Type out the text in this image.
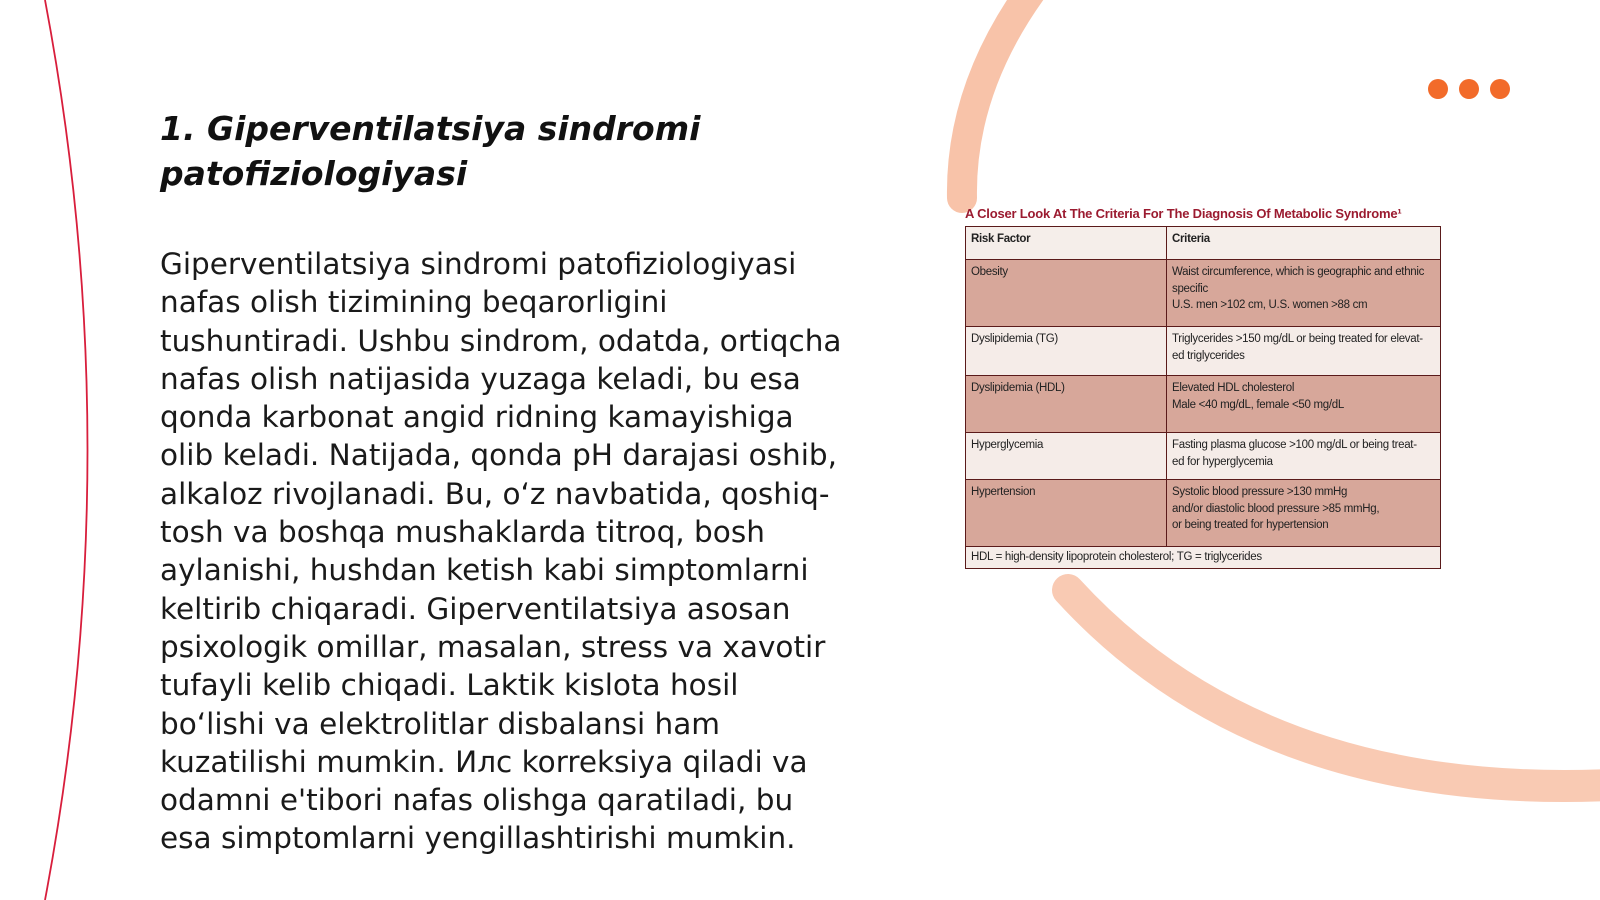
1. Giperventilatsiya sindromi patofiziologiyasi

Giperventilatsiya sindromi patofiziologiyasi nafas olish tizimining beqarorligini tushuntiradi. Ushbu sindrom, odatda, ortiqcha nafas olish natijasida yuzaga keladi, bu esa qonda karbonat angid ridning kamayishiga olib keladi. Natijada, qonda pH darajasi oshib, alkaloz rivojlanadi. Bu, o‘z navbatida, qoshiq-tosh va boshqa mushaklarda titroq, bosh aylanishi, hushdan ketish kabi simptomlarni keltirib chiqaradi. Giperventilatsiya asosan psixologik omillar, masalan, stress va xavotir tufayli kelib chiqadi. Laktik kislota hosil bo‘lishi va elektrolitlar disbalansi ham kuzatilishi mumkin. Илс korreksiya qiladi va odamni e'tibori nafas olishga qaratiladi, bu esa simptomlarni yengillashtirishi mumkin.

A Closer Look At The Criteria For The Diagnosis Of Metabolic Syndrome¹
Risk Factor	Criteria
Obesity	Waist circumference, which is geographic and ethnic specific
U.S. men >102 cm, U.S. women >88 cm
Dyslipidemia (TG)	Triglycerides >150 mg/dL or being treated for elevat-
ed triglycerides
Dyslipidemia (HDL)	Elevated HDL cholesterol
Male <40 mg/dL, female <50 mg/dL
Hyperglycemia	Fasting plasma glucose >100 mg/dL or being treat-
ed for hyperglycemia
Hypertension	Systolic blood pressure >130 mmHg
and/or diastolic blood pressure >85 mmHg,
or being treated for hypertension
HDL = high-density lipoprotein cholesterol; TG = triglycerides	
